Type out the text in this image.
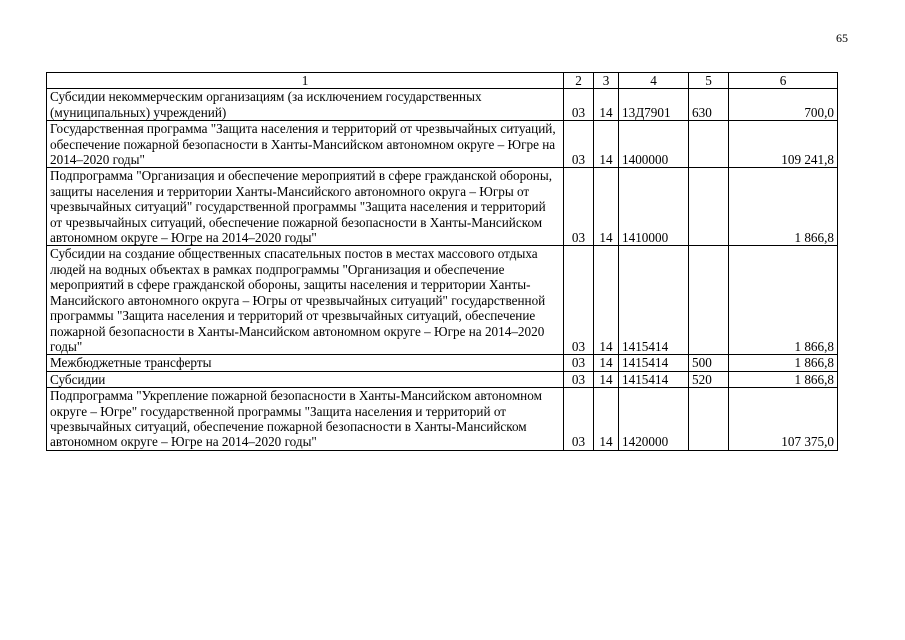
65
1	2	3	4	5	6
Субсидии некоммерческим организациям (за исключением государственных (муниципальных) учреждений)	03	14	13Д7901	630	700,0
Государственная программа "Защита населения и территорий от чрезвычайных ситуаций, обеспечение пожарной безопасности в Ханты-Мансийском автономном округе – Югре на 2014–2020 годы"	03	14	1400000		109 241,8
Подпрограмма "Организация и обеспечение мероприятий в сфере гражданской обороны, защиты населения и территории Ханты-Мансийского автономного округа – Югры от чрезвычайных ситуаций" государственной программы "Защита населения и территорий от чрезвычайных ситуаций, обеспечение пожарной безопасности в Ханты-Мансийском автономном округе – Югре на 2014–2020 годы"	03	14	1410000		1 866,8
Субсидии на создание общественных спасательных постов в местах массового отдыха людей на водных объектах в рамках подпрограммы "Организация и обеспечение мероприятий в сфере гражданской обороны, защиты населения и территории Ханты-Мансийского автономного округа – Югры от чрезвычайных ситуаций" государственной программы "Защита населения и территорий от чрезвычайных ситуаций, обеспечение пожарной безопасности в Ханты-Мансийском автономном округе – Югре на 2014–2020 годы"	03	14	1415414		1 866,8
Межбюджетные трансферты	03	14	1415414	500	1 866,8
Субсидии	03	14	1415414	520	1 866,8
Подпрограмма "Укрепление пожарной безопасности в Ханты-Мансийском автономном округе – Югре" государственной программы "Защита населения и территорий от чрезвычайных ситуаций, обеспечение пожарной безопасности в Ханты-Мансийском автономном округе – Югре на 2014–2020 годы"	03	14	1420000		107 375,0
